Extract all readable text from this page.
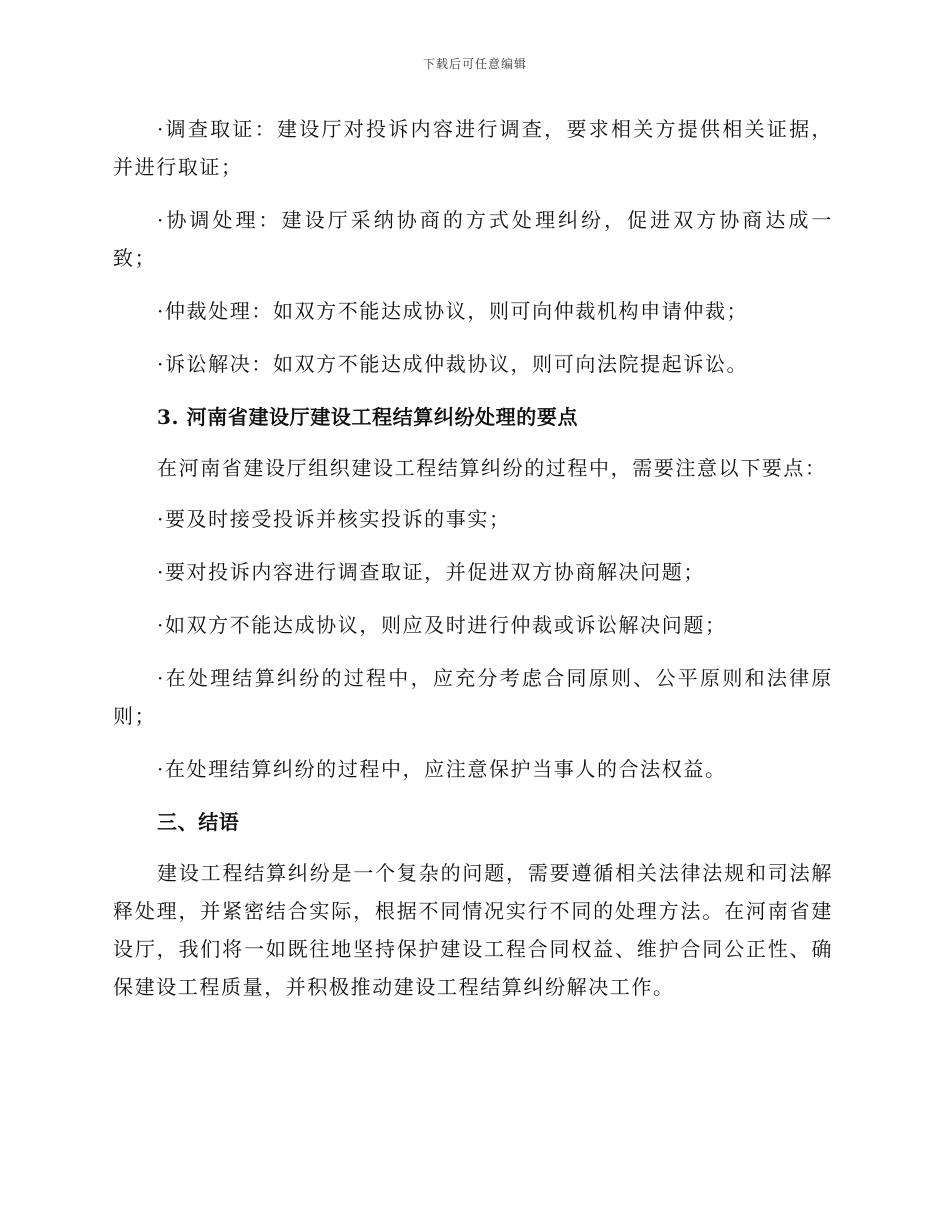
下载后可任意编辑

·调查取证：建设厅对投诉内容进行调查，要求相关方提供相关证据，并进行取证；

·协调处理：建设厅采纳协商的方式处理纠纷，促进双方协商达成一致；

·仲裁处理：如双方不能达成协议，则可向仲裁机构申请仲裁；

·诉讼解决：如双方不能达成仲裁协议，则可向法院提起诉讼。

3. 河南省建设厅建设工程结算纠纷处理的要点

在河南省建设厅组织建设工程结算纠纷的过程中，需要注意以下要点：

·要及时接受投诉并核实投诉的事实；

·要对投诉内容进行调查取证，并促进双方协商解决问题；

·如双方不能达成协议，则应及时进行仲裁或诉讼解决问题；

·在处理结算纠纷的过程中，应充分考虑合同原则、公平原则和法律原则；

·在处理结算纠纷的过程中，应注意保护当事人的合法权益。

三、结语

建设工程结算纠纷是一个复杂的问题，需要遵循相关法律法规和司法解释处理，并紧密结合实际，根据不同情况实行不同的处理方法。在河南省建设厅，我们将一如既往地坚持保护建设工程合同权益、维护合同公正性、确保建设工程质量，并积极推动建设工程结算纠纷解决工作。
